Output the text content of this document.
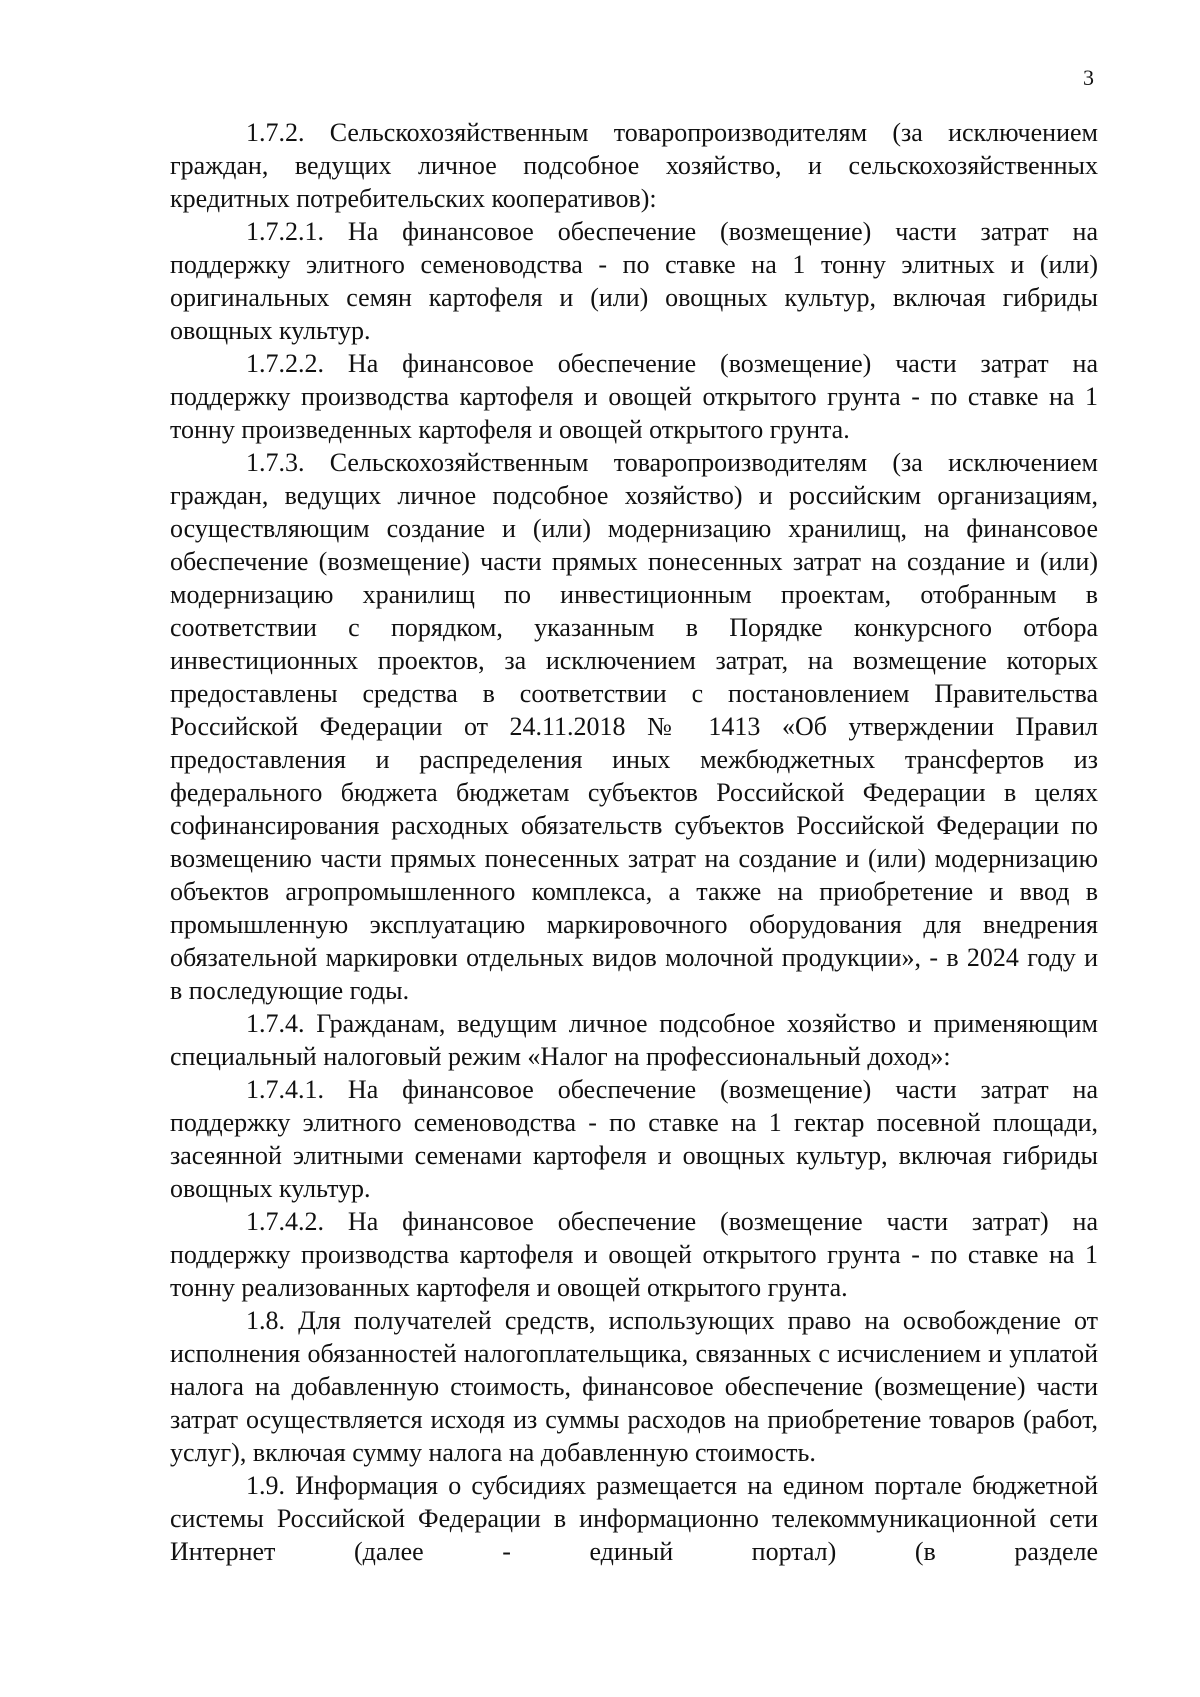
3

1.7.2. Сельскохозяйственным товаропроизводителям (за исключением граждан, ведущих личное подсобное хозяйство, и сельскохозяйственных кредитных потребительских кооперативов):

1.7.2.1. На финансовое обеспечение (возмещение) части затрат на поддержку элитного семеноводства - по ставке на 1 тонну элитных и (или) оригинальных семян картофеля и (или) овощных культур, включая гибриды овощных культур.

1.7.2.2. На финансовое обеспечение (возмещение) части затрат на поддержку производства картофеля и овощей открытого грунта - по ставке на 1 тонну произведенных картофеля и овощей открытого грунта.

1.7.3. Сельскохозяйственным товаропроизводителям (за исключением граждан, ведущих личное подсобное хозяйство) и российским организациям, осуществляющим создание и (или) модернизацию хранилищ, на финансовое обеспечение (возмещение) части прямых понесенных затрат на создание и (или) модернизацию хранилищ по инвестиционным проектам, отобранным в соответствии с порядком, указанным в Порядке конкурсного отбора инвестиционных проектов, за исключением затрат, на возмещение которых предоставлены средства в соответствии с постановлением Правительства Российской Федерации от 24.11.2018 № 1413 «Об утверждении Правил предоставления и распределения иных межбюджетных трансфертов из федерального бюджета бюджетам субъектов Российской Федерации в целях софинансирования расходных обязательств субъектов Российской Федерации по возмещению части прямых понесенных затрат на создание и (или) модернизацию объектов агропромышленного комплекса, а также на приобретение и ввод в промышленную эксплуатацию маркировочного оборудования для внедрения обязательной маркировки отдельных видов молочной продукции», - в 2024 году и в последующие годы.

1.7.4. Гражданам, ведущим личное подсобное хозяйство и применяющим специальный налоговый режим «Налог на профессиональный доход»:

1.7.4.1. На финансовое обеспечение (возмещение) части затрат на поддержку элитного семеноводства - по ставке на 1 гектар посевной площади, засеянной элитными семенами картофеля и овощных культур, включая гибриды овощных культур.

1.7.4.2. На финансовое обеспечение (возмещение части затрат) на поддержку производства картофеля и овощей открытого грунта - по ставке на 1 тонну реализованных картофеля и овощей открытого грунта.

1.8. Для получателей средств, использующих право на освобождение от исполнения обязанностей налогоплательщика, связанных с исчислением и уплатой налога на добавленную стоимость, финансовое обеспечение (возмещение) части затрат осуществляется исходя из суммы расходов на приобретение товаров (работ, услуг), включая сумму налога на добавленную стоимость.

1.9. Информация о субсидиях размещается на едином портале бюджетной системы Российской Федерации в информационно телекоммуникационной сети Интернет (далее - единый портал) (в разделе
